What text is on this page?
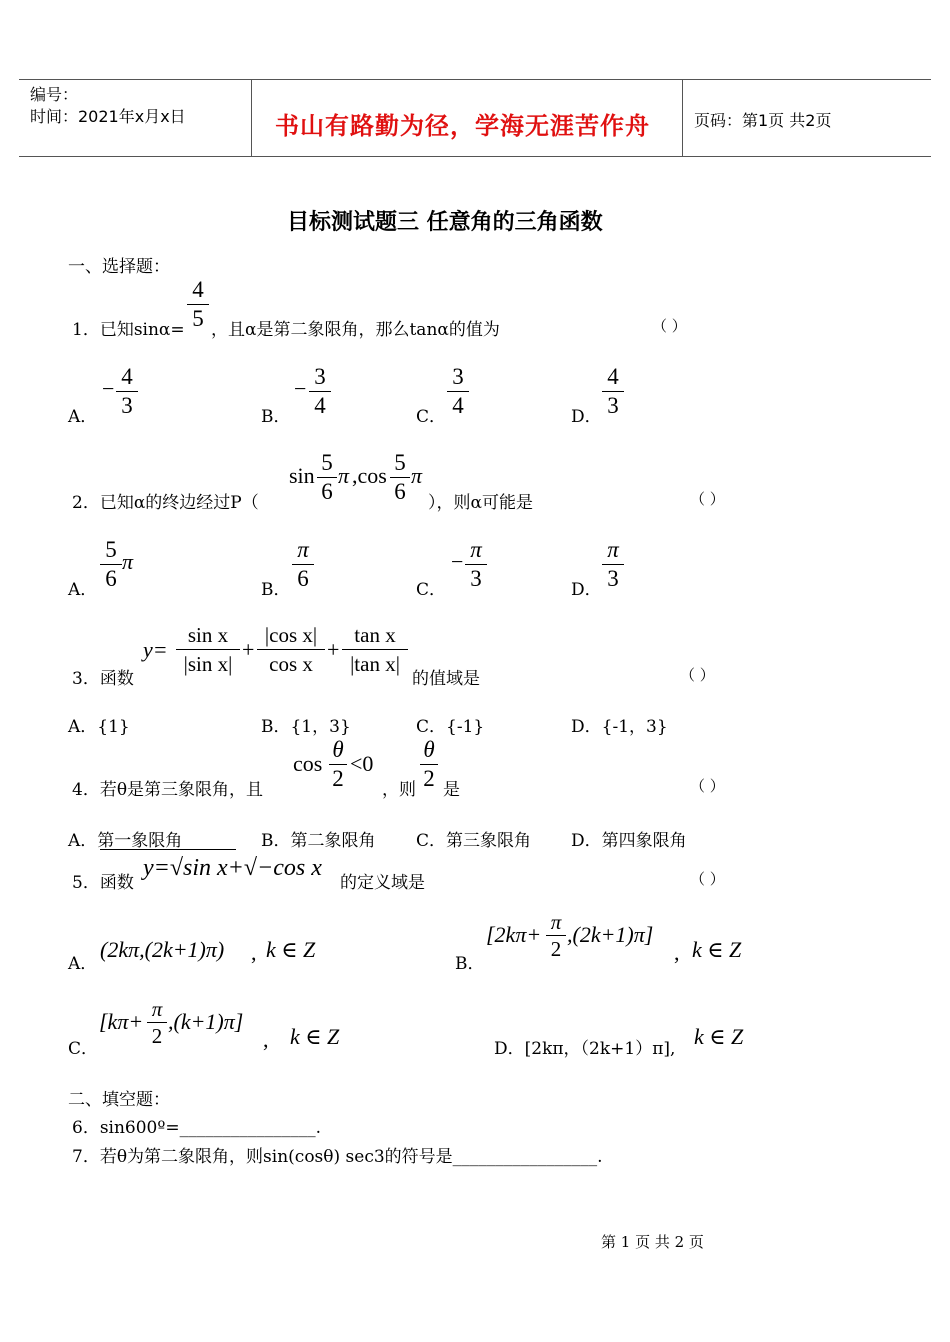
编号：
时间：2021年x月x日	书山有路勤为径，学海无涯苦作舟	页码：第1页 共2页
目标测试题三 任意角的三角函数
一、选择题：
1．已知sinα=
4
5 ，且α是第二象限角，那么tanα的值为	（ ）
A．
− 4
3	B．
− 3
4	C．
3
4	D．
4
3
2．已知α的终边经过P（
sin
5
6
π ,cos
5
6
π
），则α可能是	（ ）
A．
5
6
π
B．
π
6	C．
− π
3	D．
π
3
3．函数
y=
sin x
|sin x|
+
|cos x|
cos x
+
tan x
|tan x|
的值域是	（ ）
A．{1}	B．{1，3}	C．{-1}	D．{-1，3}
4．若θ是第三象限角，且
cos
θ
2
<0
，则
θ
2 是	（ ）
A．第一象限角	B．第二象限角 C．第三象限角 D．第四象限角
5．函数
y=√sin x+√−cos x
的定义域是	（ ）
A．
(2kπ,(2k+1)π) , k ∈ Z
B．
[2kπ+ π
2
,(2k+1)π]
, k ∈ Z
C．
[kπ+ π
2
,(k+1)π]
, k ∈ Z	D．[2kπ，（2k+1）π], k ∈ Z
二、填空题：
6．sin600º=________________.
7．若θ为第二象限角，则sin(cosθ) sec3的符号是_________________.
第 1 页 共 2 页
